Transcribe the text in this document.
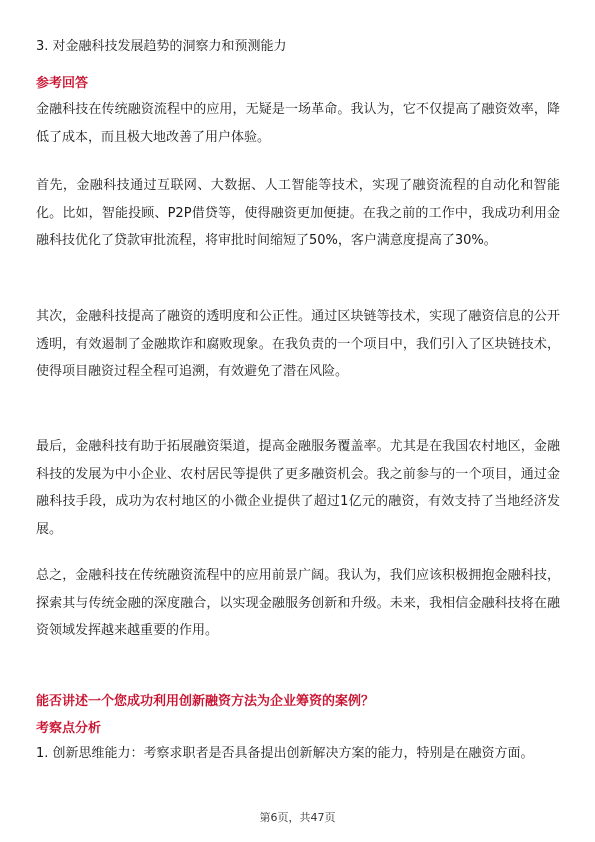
3. 对金融科技发展趋势的洞察力和预测能力

参考回答

金融科技在传统融资流程中的应用，无疑是一场革命。我认为，它不仅提高了融资效率，降低了成本，而且极大地改善了用户体验。

首先，金融科技通过互联网、大数据、人工智能等技术，实现了融资流程的自动化和智能化。比如，智能投顾、P2P借贷等，使得融资更加便捷。在我之前的工作中，我成功利用金融科技优化了贷款审批流程，将审批时间缩短了50%，客户满意度提高了30%。

其次，金融科技提高了融资的透明度和公正性。通过区块链等技术，实现了融资信息的公开透明，有效遏制了金融欺诈和腐败现象。在我负责的一个项目中，我们引入了区块链技术，使得项目融资过程全程可追溯，有效避免了潜在风险。

最后，金融科技有助于拓展融资渠道，提高金融服务覆盖率。尤其是在我国农村地区，金融科技的发展为中小企业、农村居民等提供了更多融资机会。我之前参与的一个项目，通过金融科技手段，成功为农村地区的小微企业提供了超过1亿元的融资，有效支持了当地经济发展。

总之，金融科技在传统融资流程中的应用前景广阔。我认为，我们应该积极拥抱金融科技，探索其与传统金融的深度融合，以实现金融服务创新和升级。未来，我相信金融科技将在融资领域发挥越来越重要的作用。

能否讲述一个您成功利用创新融资方法为企业筹资的案例？

考察点分析

1. 创新思维能力：考察求职者是否具备提出创新解决方案的能力，特别是在融资方面。

第6页，共47页
